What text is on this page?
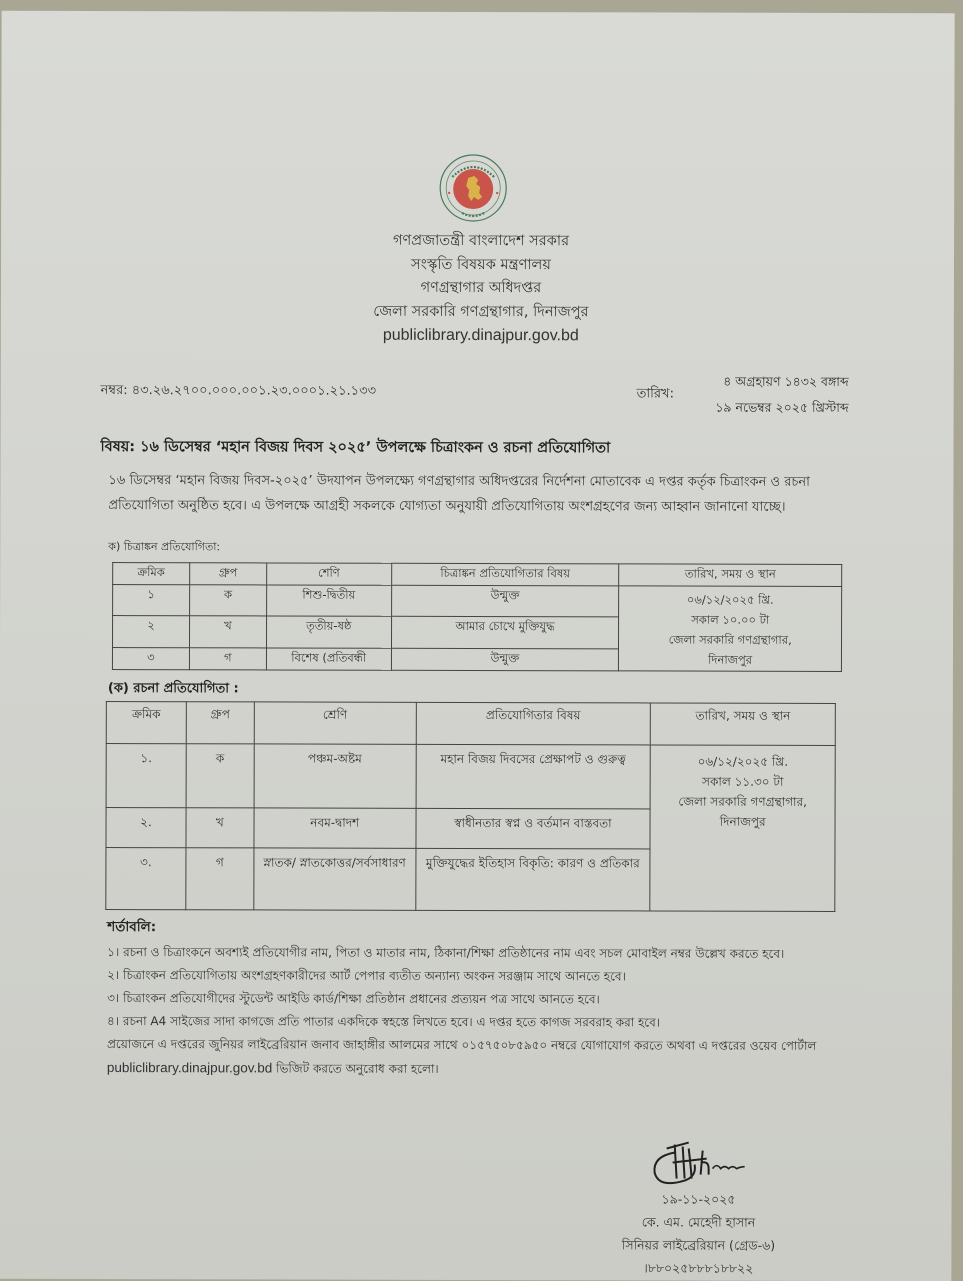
গণপ্রজাতন্ত্রী বাংলাদেশ সরকার
সংস্কৃতি বিষয়ক মন্ত্রণালয়
গণগ্রন্থাগার অধিদপ্তর
জেলা সরকারি গণগ্রন্থাগার, দিনাজপুর
publiclibrary.dinajpur.gov.bd
নম্বর: ৪৩.২৬.২৭০০.০০০.০০১.২৩.০০০১.২১.১৩৩	তারিখ:
৪ অগ্রহায়ণ ১৪৩২ বঙ্গাব্দ
১৯ নভেম্বর ২০২৫ খ্রিস্টাব্দ
বিষয়: ১৬ ডিসেম্বর ‘মহান বিজয় দিবস ২০২৫’ উপলক্ষে চিত্রাংকন ও রচনা প্রতিযোগিতা
১৬ ডিসেম্বর ‘মহান বিজয় দিবস-২০২৫’ উদযাপন উপলক্ষ্যে গণগ্রন্থাগার অধিদপ্তরের নির্দেশনা মোতাবেক এ দপ্তর কর্তৃক চিত্রাংকন ও রচনা প্রতিযোগিতা অনুষ্ঠিত হবে। এ উপলক্ষে আগ্রহী সকলকে যোগ্যতা অনুযায়ী প্রতিযোগিতায় অংশগ্রহণের জন্য আহ্বান জানানো যাচ্ছে।
ক) চিত্রাঙ্কন প্রতিযোগিতা:
ক্রমিক	গ্রুপ	শেণি	চিত্রাঙ্কন প্রতিযোগিতার বিষয়	তারিখ, সময় ও স্থান
১	ক	শিশু-দ্বিতীয়	উন্মুক্ত	০৬/১২/২০২৫ খ্রি.
সকাল ১০.০০ টা
জেলা সরকারি গণগ্রন্থাগার,
দিনাজপুর

২	খ	তৃতীয়-ষষ্ঠ	আমার চোখে মুক্তিযুদ্ধ	
৩	গ	বিশেষ (প্রতিবন্ধী	উন্মুক্ত	
(ক) রচনা প্রতিযোগিতা :
ক্রমিক	গ্রুপ	শ্রেণি	প্রতিযোগিতার বিষয়	তারিখ, সময় ও স্থান
১.	ক	পঞ্চম-অষ্টম	মহান বিজয় দিবসের প্রেক্ষাপট ও গুরুত্ব	০৬/১২/২০২৫ খ্রি.
সকাল ১১.৩০ টা
জেলা সরকারি গণগ্রন্থাগার,
দিনাজপুর

২.	খ	নবম-দ্বাদশ	স্বাধীনতার স্বপ্ন ও বর্তমান বাস্তবতা	
৩.	গ	স্নাতক/ স্নাতকোত্তর/সর্বসাধারণ	মুক্তিযুদ্ধের ইতিহাস বিকৃতি: কারণ ও প্রতিকার	
শর্তাবলি:

১। রচনা ও চিত্রাংকনে অবশ্যই প্রতিযোগীর নাম, পিতা ও মাতার নাম, ঠিকানা/শিক্ষা প্রতিষ্ঠানের নাম এবং সচল মোবাইল নম্বর উল্লেখ করতে হবে।

২। চিত্রাংকন প্রতিযোগিতায় অংশগ্রহণকারীদের আর্ট পেপার ব্যতীত অন্যান্য অংকন সরঞ্জাম সাথে আনতে হবে।

৩। চিত্রাংকন প্রতিযোগীদের স্টুডেন্ট আইডি কার্ড/শিক্ষা প্রতিষ্ঠান প্রধানের প্রত্যয়ন পত্র সাথে আনতে হবে।

৪। রচনা A4 সাইজের সাদা কাগজে প্রতি পাতার একদিকে স্বহস্তে লিখতে হবে। এ দপ্তর হতে কাগজ সরবরাহ করা হবে।

প্রয়োজনে এ দপ্তরের জুনিয়র লাইব্রেরিয়ান জনাব জাহাঙ্গীর আলমের সাথে ০১৫৭৫০৮৫৯৫০ নম্বরে যোগাযোগ করতে অথবা এ দপ্তরের ওয়েব পোর্টাল publiclibrary.dinajpur.gov.bd ভিজিট করতে অনুরোধ করা হলো।

১৯-১১-২০২৫
কে. এম. মেহেদী হাসান
সিনিয়র লাইব্রেরিয়ান (গ্রেড-৬)
।৮৮০২৫৮৮৮১৮৮২২
